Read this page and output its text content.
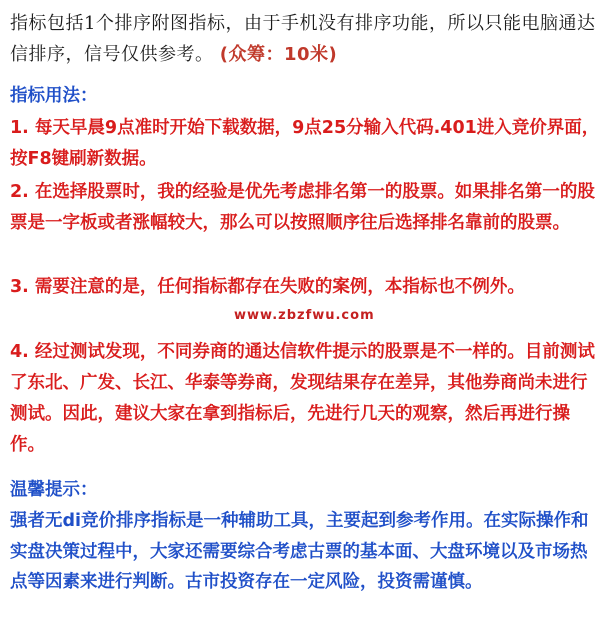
指标包括1个排序附图指标，由于手机没有排序功能，所以只能电脑通达信排序，信号仅供参考。 (众筹：10米)

指标用法：

1. 每天早晨9点准时开始下载数据，9点25分输入代码.401进入竞价界面，按F8键刷新数据。

2. 在选择股票时，我的经验是优先考虑排名第一的股票。如果排名第一的股票是一字板或者涨幅较大，那么可以按照顺序往后选择排名靠前的股票。

3. 需要注意的是，任何指标都存在失败的案例，本指标也不例外。

www.zbzfwu.com

4. 经过测试发现，不同券商的通达信软件提示的股票是不一样的。目前测试了东北、广发、长江、华泰等券商，发现结果存在差异，其他券商尚未进行测试。因此，建议大家在拿到指标后，先进行几天的观察，然后再进行操作。

温馨提示：

强者无di竞价排序指标是一种辅助工具，主要起到参考作用。在实际操作和实盘决策过程中，大家还需要综合考虑古票的基本面、大盘环境以及市场热点等因素来进行判断。古市投资存在一定风险，投资需谨慎。
